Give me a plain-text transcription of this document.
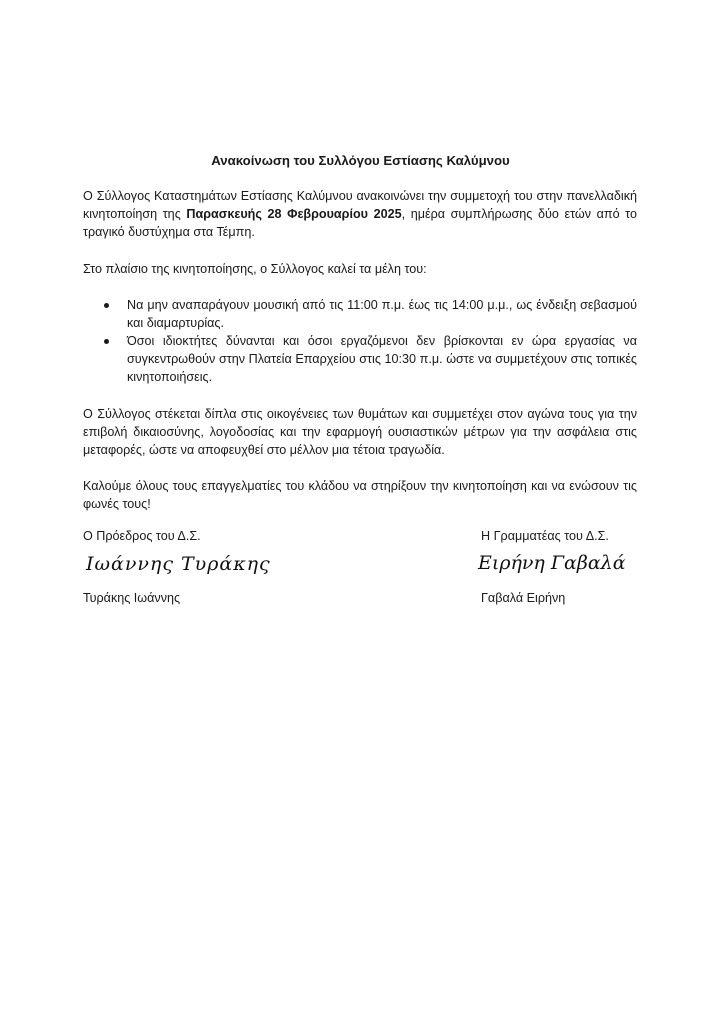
Ανακοίνωση του Συλλόγου Εστίασης Καλύμνου

Ο Σύλλογος Καταστημάτων Εστίασης Καλύμνου ανακοινώνει την συμμετοχή του στην πανελλαδική κινητοποίηση της Παρασκευής 28 Φεβρουαρίου 2025, ημέρα συμπλήρωσης δύο ετών από το τραγικό δυστύχημα στα Τέμπη.

Στο πλαίσιο της κινητοποίησης, ο Σύλλογος καλεί τα μέλη του:

Να μην αναπαράγουν μουσική από τις 11:00 π.μ. έως τις 14:00 μ.μ., ως ένδειξη σεβασμού και διαμαρτυρίας.
Όσοι ιδιοκτήτες δύνανται και όσοι εργαζόμενοι δεν βρίσκονται εν ώρα εργασίας να συγκεντρωθούν στην Πλατεία Επαρχείου στις 10:30 π.μ. ώστε να συμμετέχουν στις τοπικές κινητοποιήσεις.

Ο Σύλλογος στέκεται δίπλα στις οικογένειες των θυμάτων και συμμετέχει στον αγώνα τους για την επιβολή δικαιοσύνης, λογοδοσίας και την εφαρμογή ουσιαστικών μέτρων για την ασφάλεια στις μεταφορές, ώστε να αποφευχθεί στο μέλλον μια τέτοια τραγωδία.

Καλούμε όλους τους επαγγελματίες του κλάδου να στηρίξουν την κινητοποίηση και να ενώσουν τις φωνές τους!

Ο Πρόεδρος του Δ.Σ.
Ιωάννης Τυράκης
Τυράκης Ιωάννης
Η Γραμματέας του Δ.Σ.
Ειρήνη Γαβαλά
Γαβαλά Ειρήνη
